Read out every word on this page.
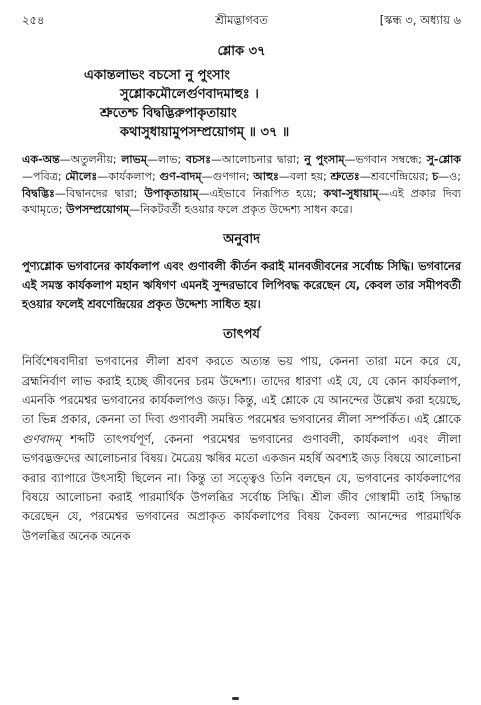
২৫৪	শ্রীমদ্ভাগবত	[স্কন্ধ ৩, অধ্যায় ৬
শ্লোক ৩৭
একান্তলাভং বচসো নু পুংসাং
সুশ্লোকমৌলের্গুণবাদমাহুঃ ।
শ্রুতেশ্চ বিদ্বদ্ভিরুপাকৃতায়াং
কথাসুধায়ামুপসম্প্রয়োগম্ ॥ ৩৭ ॥
এক-অন্ত—অতুলনীয়; লাভম্—লাভ; বচসঃ—আলোচনার দ্বারা; নু পুংসাম্—ভগবান সম্বন্ধে; সু-শ্লোক—পবিত্র; মৌলেঃ—কার্যকলাপ; গুণ-বাদম্—গুণগান; আহুঃ—বলা হয়; শ্রুতেঃ—শ্রবণেন্দ্রিয়ের; চ—ও; বিদ্বদ্ভিঃ—বিদ্বানদের দ্বারা; উপাকৃতায়াম্—এইভাবে নিরূপিত হয়ে; কথা-সুধায়াম্—এই প্রকার দিব্য কথামৃতে; উপসম্প্রয়োগম্—নিকটবর্তী হওয়ার ফলে প্রকৃত উদ্দেশ্য সাধন করে।
অনুবাদ
পুণ্যশ্লোক ভগবানের কার্যকলাপ এবং গুণাবলী কীর্তন করাই মানবজীবনের সর্বোচ্চ সিদ্ধি। ভগবানের এই সমস্ত কার্যকলাপ মহান ঋষিগণ এমনই সুন্দরভাবে লিপিবদ্ধ করেছেন যে, কেবল তার সমীপবর্তী হওয়ার ফলেই শ্রবণেন্দ্রিয়ের প্রকৃত উদ্দেশ্য সাধিত হয়।
তাৎপর্য
নির্বিশেষবাদীরা ভগবানের লীলা শ্রবণ করতে অত্যন্ত ভয় পায়, কেননা তারা মনে করে যে, ব্রহ্মনির্বাণ লাভ করাই হচ্ছে জীবনের চরম উদ্দেশ্য। তাদের ধারণা এই যে, যে কোন কার্যকলাপ, এমনকি পরমেশ্বর ভগবানের কার্যকলাপও জড়। কিন্তু, এই শ্লোকে যে আনন্দের উল্লেখ করা হয়েছে, তা ভিন্ন প্রকার, কেননা তা দিব্য গুণাবলী সমন্বিত পরমেশ্বর ভগবানের লীলা সম্পর্কিত। এই শ্লোকে গুণবাদম্ শব্দটি তাৎপর্যপূর্ণ, কেননা পরমেশ্বর ভগবানের গুণাবলী, কার্যকলাপ এবং লীলা ভগবদ্ভক্তদের আলোচনার বিষয়। মৈত্রেয় ঋষির মতো একজন মহর্ষি অবশ্যই জড় বিষয়ে আলোচনা করার ব্যাপারে উৎসাহী ছিলেন না। কিন্তু তা সত্ত্বেও তিনি বলছেন যে, ভগবানের কার্যকলাপের বিষয়ে আলোচনা করাই পারমার্থিক উপলব্ধির সর্বোচ্চ সিদ্ধি। শ্রীল জীব গোস্বামী তাই সিদ্ধান্ত করেছেন যে, পরমেশ্বর ভগবানের অপ্রাকৃত কার্যকলাপের বিষয় কৈবল্য আনন্দের পারমার্থিক উপলব্ধির অনেক অনেক
